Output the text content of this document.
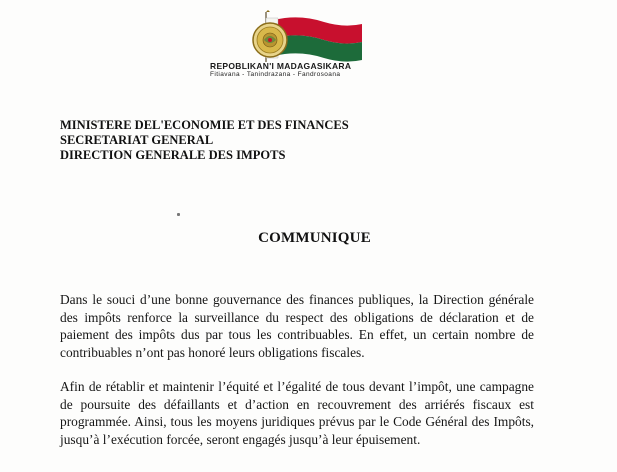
REPOBLIKAN'I MADAGASIKARA
Fitiavana - Tanindrazana - Fandrosoana
MINISTERE DEL'ECONOMIE ET DES FINANCES
SECRETARIAT GENERAL
DIRECTION GENERALE DES IMPOTS
COMMUNIQUE
Dans le souci d’une bonne gouvernance des finances publiques, la Direction générale des impôts renforce la surveillance du respect des obligations de déclaration et de paiement des impôts dus par tous les contribuables. En effet, un certain nombre de contribuables n’ont pas honoré leurs obligations fiscales.
Afin de rétablir et maintenir l’équité et l’égalité de tous devant l’impôt, une campagne de poursuite des défaillants et d’action en recouvrement des arriérés fiscaux est programmée. Ainsi, tous les moyens juridiques prévus par le Code Général des Impôts, jusqu’à l’exécution forcée, seront engagés jusqu’à leur épuisement.
